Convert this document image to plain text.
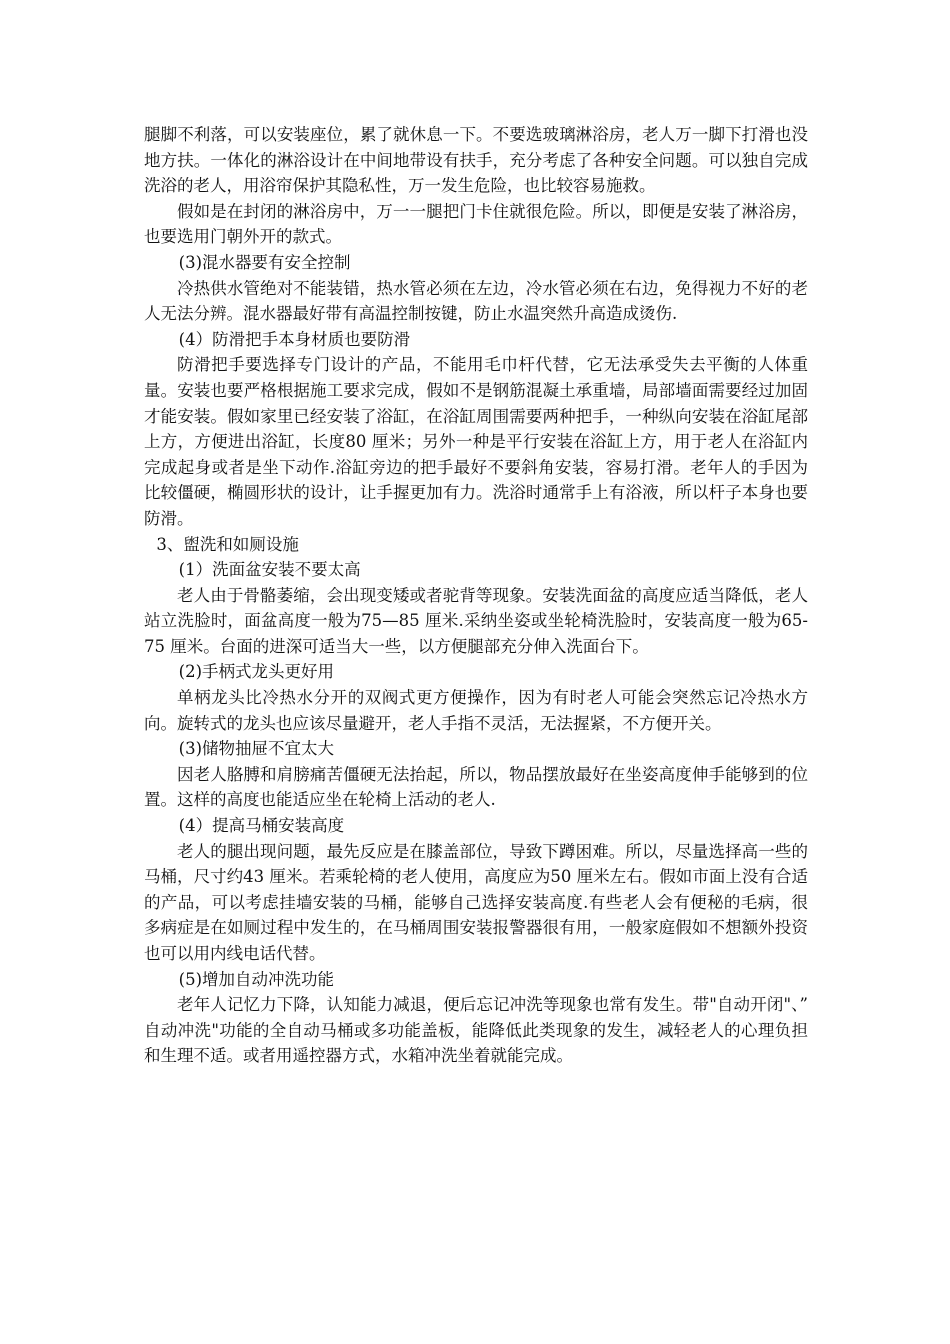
腿脚不利落，可以安装座位，累了就休息一下。不要选玻璃淋浴房，老人万一脚下打滑也没地方扶。一体化的淋浴设计在中间地带设有扶手，充分考虑了各种安全问题。可以独自完成洗浴的老人，用浴帘保护其隐私性，万一发生危险，也比较容易施救。

假如是在封闭的淋浴房中，万一一腿把门卡住就很危险。所以，即便是安装了淋浴房，也要选用门朝外开的款式。

(3)混水器要有安全控制

冷热供水管绝对不能装错，热水管必须在左边，冷水管必须在右边，免得视力不好的老人无法分辨。混水器最好带有高温控制按键，防止水温突然升高造成烫伤.

(4）防滑把手本身材质也要防滑

防滑把手要选择专门设计的产品，不能用毛巾杆代替，它无法承受失去平衡的人体重量。安装也要严格根据施工要求完成，假如不是钢筋混凝土承重墙，局部墙面需要经过加固才能安装。假如家里已经安装了浴缸，在浴缸周围需要两种把手，一种纵向安装在浴缸尾部上方，方便进出浴缸，长度80 厘米；另外一种是平行安装在浴缸上方，用于老人在浴缸内完成起身或者是坐下动作.浴缸旁边的把手最好不要斜角安装，容易打滑。老年人的手因为比较僵硬，椭圆形状的设计，让手握更加有力。洗浴时通常手上有浴液，所以杆子本身也要防滑。

3、盥洗和如厕设施

(1）洗面盆安装不要太高

老人由于骨骼萎缩，会出现变矮或者驼背等现象。安装洗面盆的高度应适当降低，老人站立洗脸时，面盆高度一般为75—85 厘米.采纳坐姿或坐轮椅洗脸时，安装高度一般为65-75 厘米。台面的进深可适当大一些，以方便腿部充分伸入洗面台下。

(2)手柄式龙头更好用

单柄龙头比冷热水分开的双阀式更方便操作，因为有时老人可能会突然忘记冷热水方向。旋转式的龙头也应该尽量避开，老人手指不灵活，无法握紧，不方便开关。

(3)储物抽屉不宜太大

因老人胳膊和肩膀痛苦僵硬无法抬起，所以，物品摆放最好在坐姿高度伸手能够到的位置。这样的高度也能适应坐在轮椅上活动的老人.

(4）提高马桶安装高度

老人的腿出现问题，最先反应是在膝盖部位，导致下蹲困难。所以，尽量选择高一些的马桶，尺寸约43 厘米。若乘轮椅的老人使用，高度应为50 厘米左右。假如市面上没有合适的产品，可以考虑挂墙安装的马桶，能够自己选择安装高度.有些老人会有便秘的毛病，很多病症是在如厕过程中发生的，在马桶周围安装报警器很有用，一般家庭假如不想额外投资也可以用内线电话代替。

(5)增加自动冲洗功能

老年人记忆力下降，认知能力减退，便后忘记冲洗等现象也常有发生。带"自动开闭"、” 自动冲洗"功能的全自动马桶或多功能盖板，能降低此类现象的发生，减轻老人的心理负担和生理不适。或者用遥控器方式，水箱冲洗坐着就能完成。
